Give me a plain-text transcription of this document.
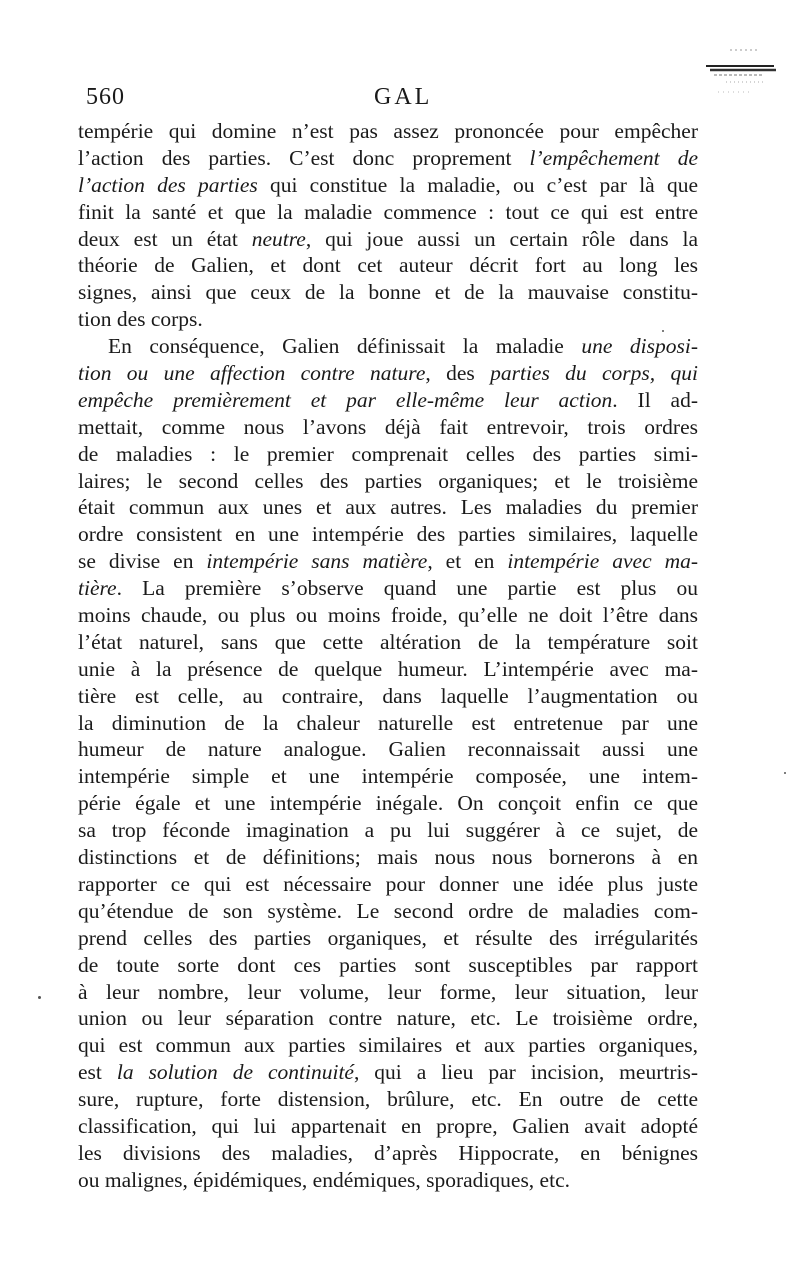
560	GAL
tempérie qui domine n’est pas assez prononcée pour empêcher
l’action des parties. C’est donc proprement l’empêchement de
l’action des parties qui constitue la maladie, ou c’est par là que
finit la santé et que la maladie commence : tout ce qui est entre
deux est un état neutre, qui joue aussi un certain rôle dans la
théorie de Galien, et dont cet auteur décrit fort au long les
signes, ainsi que ceux de la bonne et de la mauvaise constitu-
tion des corps.
En conséquence, Galien définissait la maladie une disposi-
tion ou une affection contre nature, des parties du corps, qui
empêche premièrement et par elle-même leur action. Il ad-
mettait, comme nous l’avons déjà fait entrevoir, trois ordres
de maladies : le premier comprenait celles des parties simi-
laires; le second celles des parties organiques; et le troisième
était commun aux unes et aux autres. Les maladies du premier
ordre consistent en une intempérie des parties similaires, laquelle
se divise en intempérie sans matière, et en intempérie avec ma-
tière. La première s’observe quand une partie est plus ou
moins chaude, ou plus ou moins froide, qu’elle ne doit l’être dans
l’état naturel, sans que cette altération de la température soit
unie à la présence de quelque humeur. L’intempérie avec ma-
tière est celle, au contraire, dans laquelle l’augmentation ou
la diminution de la chaleur naturelle est entretenue par une
humeur de nature analogue. Galien reconnaissait aussi une
intempérie simple et une intempérie composée, une intem-
périe égale et une intempérie inégale. On conçoit enfin ce que
sa trop féconde imagination a pu lui suggérer à ce sujet, de
distinctions et de définitions; mais nous nous bornerons à en
rapporter ce qui est nécessaire pour donner une idée plus juste
qu’étendue de son système. Le second ordre de maladies com-
prend celles des parties organiques, et résulte des irrégularités
de toute sorte dont ces parties sont susceptibles par rapport
à leur nombre, leur volume, leur forme, leur situation, leur
union ou leur séparation contre nature, etc. Le troisième ordre,
qui est commun aux parties similaires et aux parties organiques,
est la solution de continuité, qui a lieu par incision, meurtris-
sure, rupture, forte distension, brûlure, etc. En outre de cette
classification, qui lui appartenait en propre, Galien avait adopté
les divisions des maladies, d’après Hippocrate, en bénignes
ou malignes, épidémiques, endémiques, sporadiques, etc.
